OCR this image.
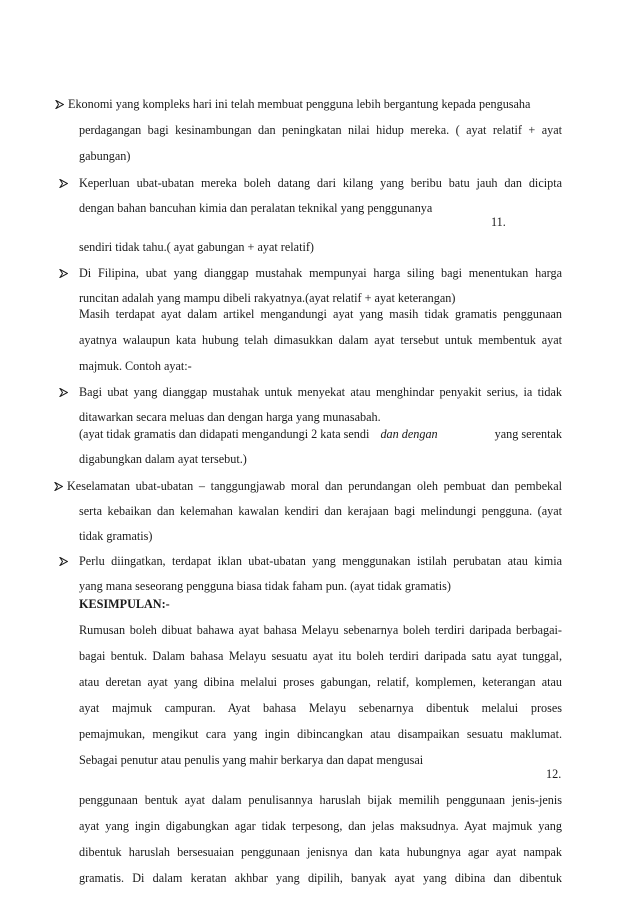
Ekonomi yang kompleks hari ini telah membuat pengguna lebih bergantung kepada pengusaha
perdagangan bagi kesinambungan dan peningkatan nilai hidup mereka. ( ayat relatif + ayat
gabungan)
Keperluan ubat-ubatan mereka boleh datang dari kilang yang beribu batu jauh dan dicipta
dengan bahan bancuhan kimia dan peralatan teknikal yang penggunanya
11.
sendiri tidak tahu.( ayat gabungan + ayat relatif)
Di Filipina, ubat yang dianggap mustahak mempunyai harga siling bagi menentukan harga
runcitan adalah yang mampu dibeli rakyatnya.(ayat relatif + ayat keterangan)
Masih terdapat ayat dalam artikel mengandungi ayat yang masih tidak gramatis penggunaan
ayatnya walaupun kata hubung telah dimasukkan dalam ayat tersebut untuk membentuk ayat
majmuk. Contoh ayat:-
Bagi ubat yang dianggap mustahak untuk menyekat atau menghindar penyakit serius, ia tidak
ditawarkan secara meluas dan dengan harga yang munasabah.
(ayat tidak gramatis dan didapati mengandungi 2 kata sendi dan dengan	yang serentak
digabungkan dalam ayat tersebut.)
Keselamatan ubat-ubatan – tanggungjawab moral dan perundangan oleh pembuat dan pembekal
serta kebaikan dan kelemahan kawalan kendiri dan kerajaan bagi melindungi pengguna. (ayat
tidak gramatis)
Perlu diingatkan, terdapat iklan ubat-ubatan yang menggunakan istilah perubatan atau kimia
yang mana seseorang pengguna biasa tidak faham pun. (ayat tidak gramatis)
KESIMPULAN:-
Rumusan boleh dibuat bahawa ayat bahasa Melayu sebenarnya boleh terdiri daripada berbagai-
bagai bentuk. Dalam bahasa Melayu sesuatu ayat itu boleh terdiri daripada satu ayat tunggal,
atau deretan ayat yang dibina melalui proses gabungan, relatif, komplemen, keterangan atau
ayat majmuk campuran. Ayat bahasa Melayu sebenarnya dibentuk melalui proses
pemajmukan, mengikut cara yang ingin dibincangkan atau disampaikan sesuatu maklumat.
Sebagai penutur atau penulis yang mahir berkarya dan dapat mengusai
12.
penggunaan bentuk ayat dalam penulisannya haruslah bijak memilih penggunaan jenis-jenis
ayat yang ingin digabungkan agar tidak terpesong, dan jelas maksudnya. Ayat majmuk yang
dibentuk haruslah bersesuaian penggunaan jenisnya dan kata hubungnya agar ayat nampak
gramatis. Di dalam keratan akhbar yang dipilih, banyak ayat yang dibina dan dibentuk
